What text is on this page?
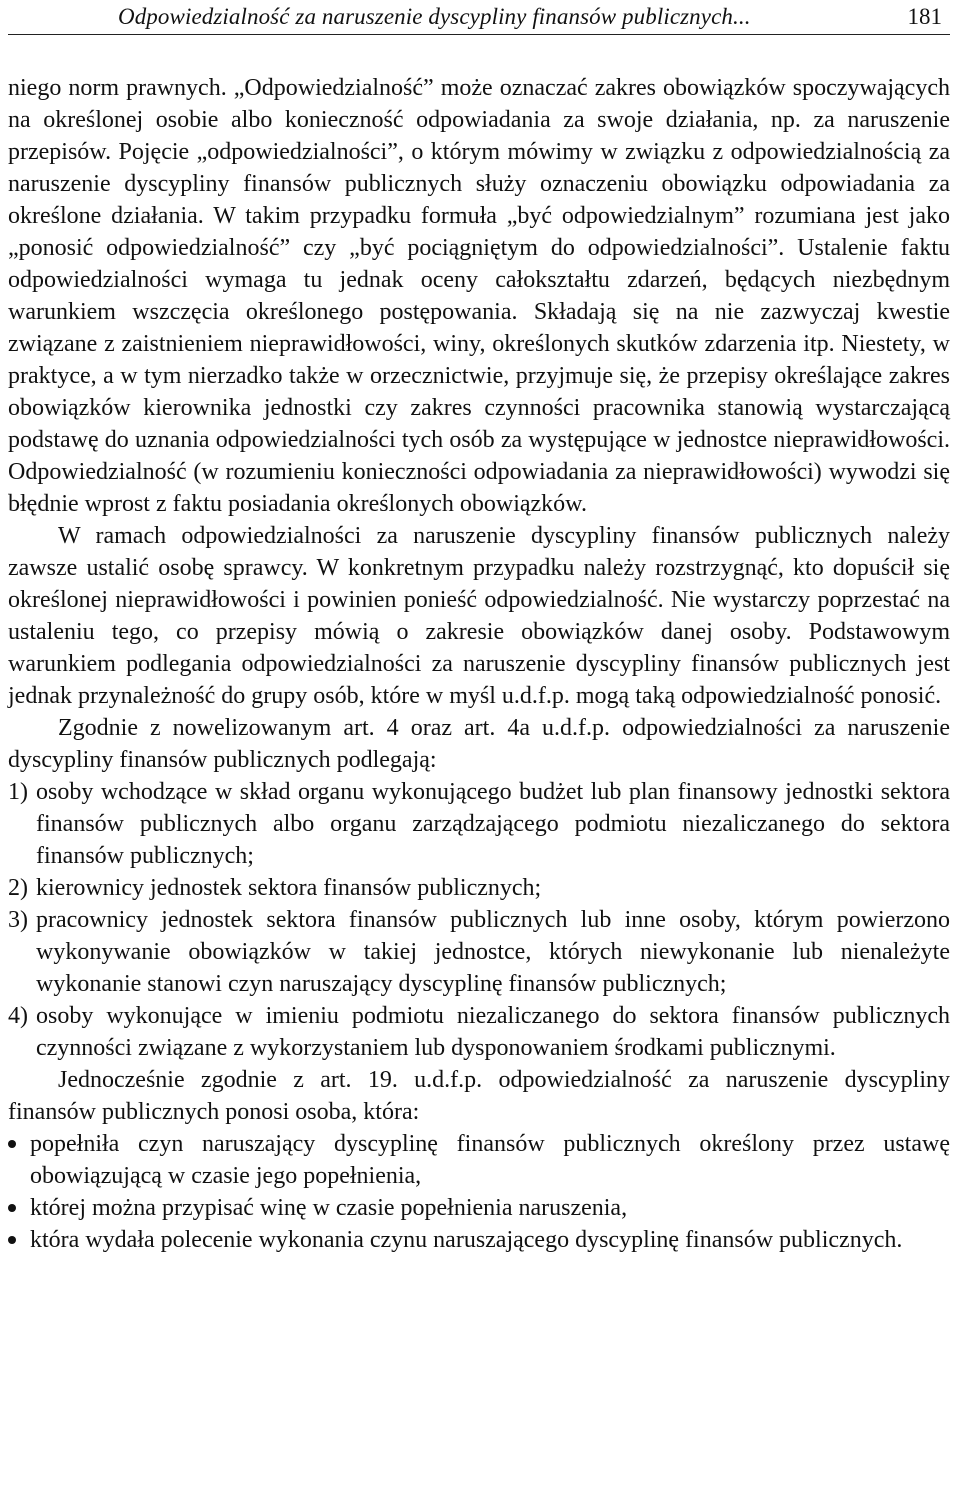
Odpowiedzialność za naruszenie dyscypliny finansów publicznych...	181

niego norm prawnych. „Odpowiedzialność” może oznaczać zakres obowiązków spoczywających na określonej osobie albo konieczność odpowiadania za swoje działania, np. za naruszenie przepisów. Pojęcie „odpowiedzialności”, o którym mówimy w związku z odpowiedzialnością za naruszenie dyscypliny finansów publicznych służy oznaczeniu obowiązku odpowiadania za określone działania. W takim przypadku formuła „być odpowiedzialnym” rozumiana jest jako „ponosić odpowiedzialność” czy „być pociągniętym do odpowiedzialności”. Ustalenie faktu odpowiedzialności wymaga tu jednak oceny całokształtu zdarzeń, będących niezbędnym warunkiem wszczęcia określonego postępowania. Składają się na nie zazwyczaj kwestie związane z zaistnieniem nieprawidłowości, winy, określonych skutków zdarzenia itp. Niestety, w praktyce, a w tym nierzadko także w orzecznictwie, przyjmuje się, że przepisy określające zakres obowiązków kierownika jednostki czy zakres czynności pracownika stanowią wystarczającą podstawę do uznania odpowiedzialności tych osób za występujące w jednostce nieprawidłowości. Odpowiedzialność (w rozumieniu konieczności odpowiadania za nieprawidłowości) wywodzi się błędnie wprost z faktu posiadania określonych obowiązków.

W ramach odpowiedzialności za naruszenie dyscypliny finansów publicznych należy zawsze ustalić osobę sprawcy. W konkretnym przypadku należy rozstrzygnąć, kto dopuścił się określonej nieprawidłowości i powinien ponieść odpowiedzialność. Nie wystarczy poprzestać na ustaleniu tego, co przepisy mówią o zakresie obowiązków danej osoby. Podstawowym warunkiem podlegania odpowiedzialności za naruszenie dyscypliny finansów publicznych jest jednak przynależność do grupy osób, które w myśl u.d.f.p. mogą taką odpowiedzialność ponosić.

Zgodnie z nowelizowanym art. 4 oraz art. 4a u.d.f.p. odpowiedzialności za naruszenie dyscypliny finansów publicznych podlegają:

1) osoby wchodzące w skład organu wykonującego budżet lub plan finansowy jednostki sektora finansów publicznych albo organu zarządzającego podmiotu niezaliczanego do sektora finansów publicznych;
2) kierownicy jednostek sektora finansów publicznych;
3) pracownicy jednostek sektora finansów publicznych lub inne osoby, którym powierzono wykonywanie obowiązków w takiej jednostce, których niewykonanie lub nienależyte wykonanie stanowi czyn naruszający dyscyplinę finansów publicznych;
4) osoby wykonujące w imieniu podmiotu niezaliczanego do sektora finansów publicznych czynności związane z wykorzystaniem lub dysponowaniem środkami publicznymi.

Jednocześnie zgodnie z art. 19. u.d.f.p. odpowiedzialność za naruszenie dyscypliny finansów publicznych ponosi osoba, która:

popełniła czyn naruszający dyscyplinę finansów publicznych określony przez ustawę obowiązującą w czasie jego popełnienia,
której można przypisać winę w czasie popełnienia naruszenia,
która wydała polecenie wykonania czynu naruszającego dyscyplinę finansów publicznych.
